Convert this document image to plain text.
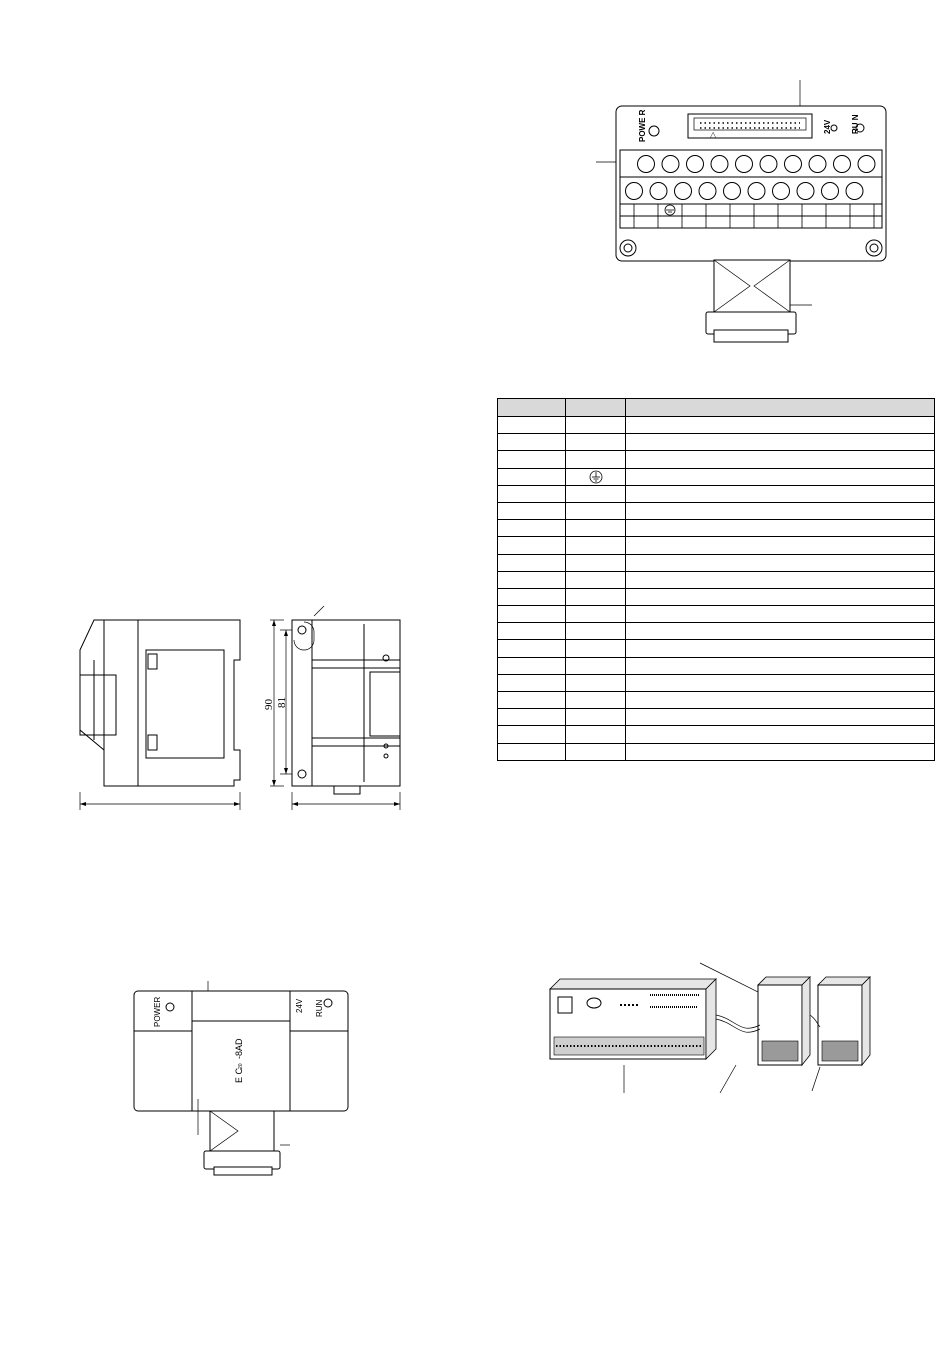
△
POWE R	24V RU N

90 81
POWER	24V RUN
E C
20
-8AD
